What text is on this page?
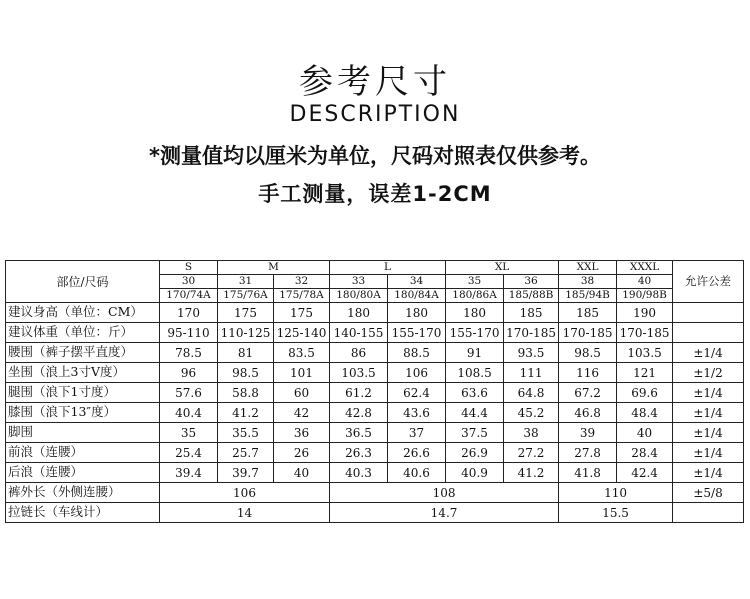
参考尺寸
DESCRIPTION
*测量值均以厘米为单位，尺码对照表仅供参考。
手工测量，误差1-2CM
部位/尺码	S	M		L		XL		XXL	XXXL	允许公差
	30	31	32	33	34	35	36	38	40	
	170/74A	175/76A	175/78A	180/80A	180/84A	180/86A	185/88B	185/94B	190/98B	
建议身高（单位：CM）	170	175	175	180	180	180	185	185	190	
建议体重（单位：斤）	95-110	110-125	125-140	140-155	155-170	155-170	170-185	170-185	170-185	
腰围（裤子摆平直度）	78.5	81	83.5	86	88.5	91	93.5	98.5	103.5	±1/4
坐围（浪上3寸V度）	96	98.5	101	103.5	106	108.5	111	116	121	±1/2
腿围（浪下1寸度）	57.6	58.8	60	61.2	62.4	63.6	64.8	67.2	69.6	±1/4
膝围（浪下13″度）	40.4	41.2	42	42.8	43.6	44.4	45.2	46.8	48.4	±1/4
脚围	35	35.5	36	36.5	37	37.5	38	39	40	±1/4
前浪（连腰）	25.4	25.7	26	26.3	26.6	26.9	27.2	27.8	28.4	±1/4
后浪（连腰）	39.4	39.7	40	40.3	40.6	40.9	41.2	41.8	42.4	±1/4
裤外长（外侧连腰）	106			108				110		±5/8
拉链长（车线计）	14			14.7				15.5		
